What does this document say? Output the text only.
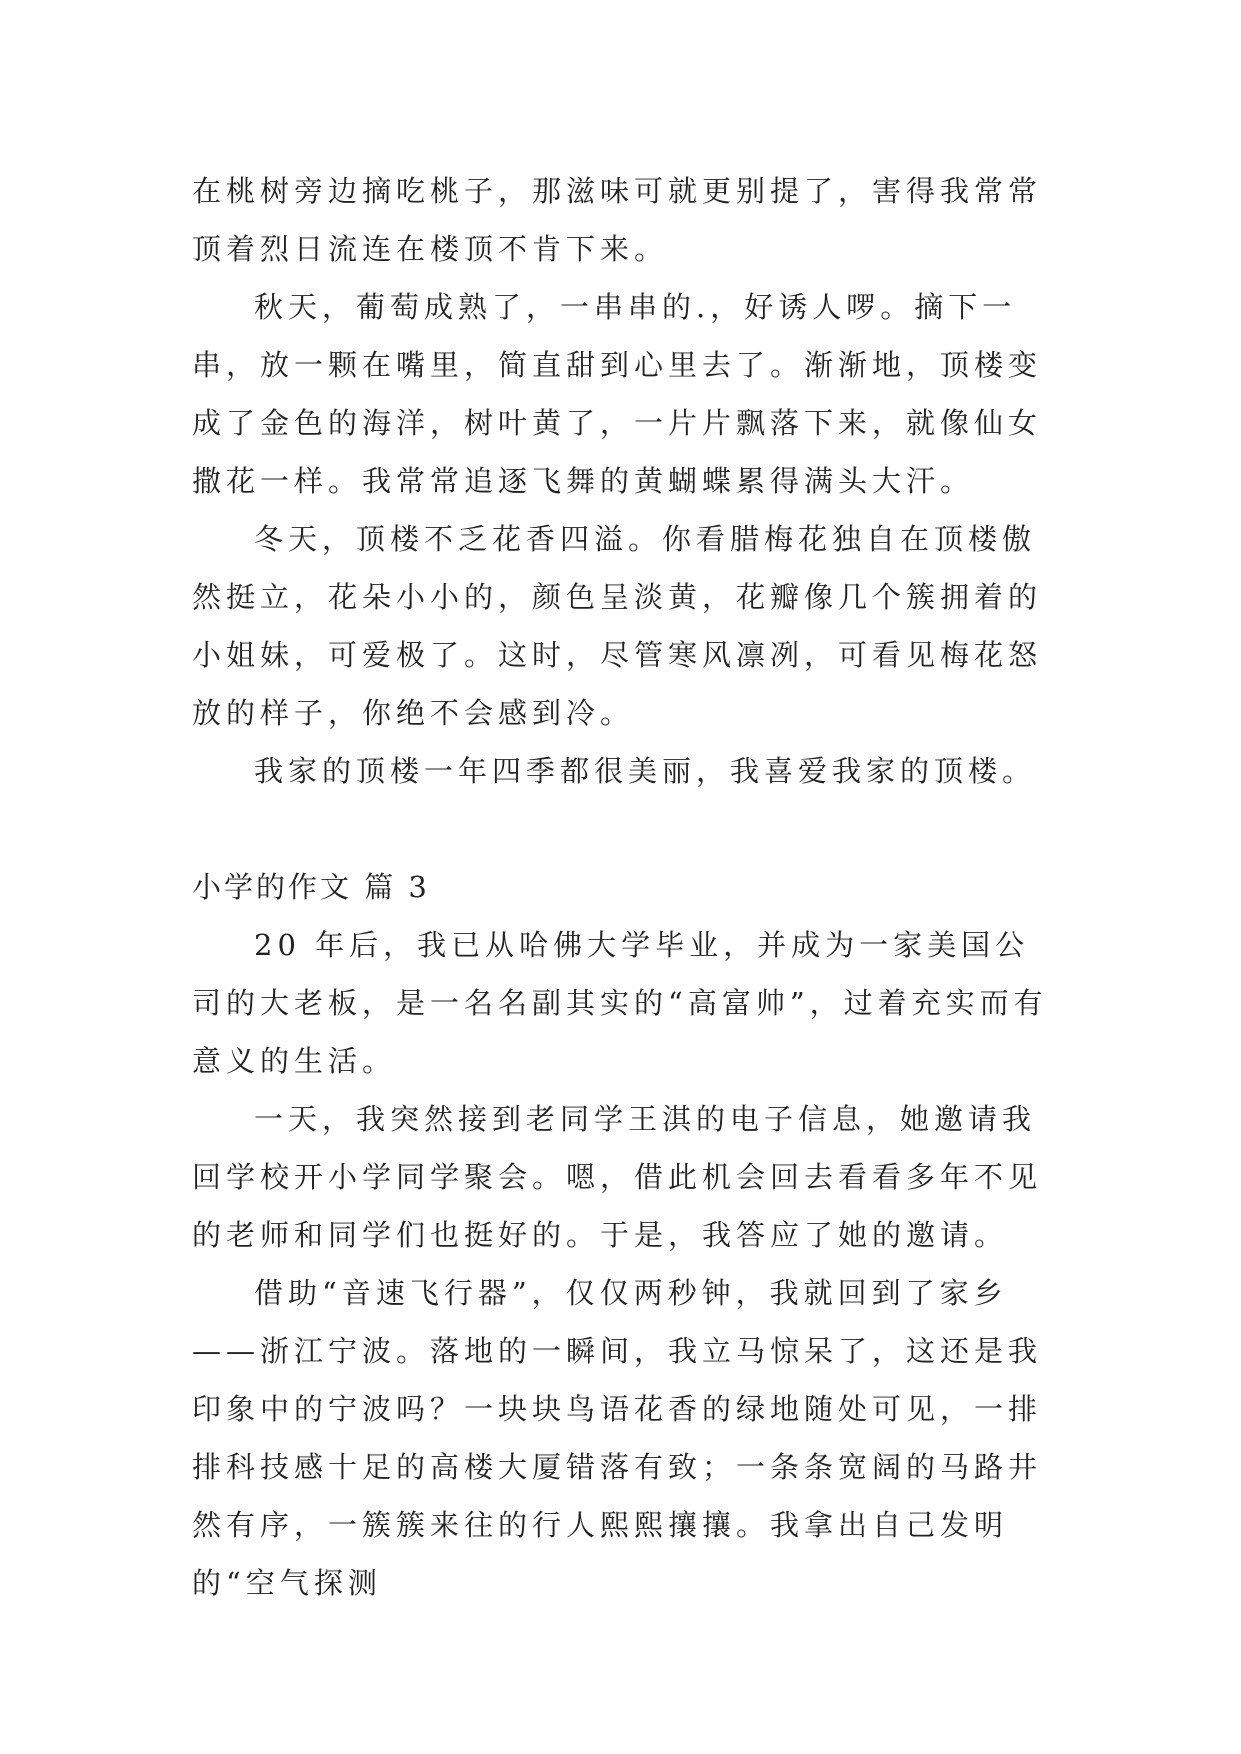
在桃树旁边摘吃桃子，那滋味可就更别提了，害得我常常顶着烈日流连在楼顶不肯下来。

秋天，葡萄成熟了，一串串的.，好诱人啰。摘下一串，放一颗在嘴里，简直甜到心里去了。渐渐地，顶楼变成了金色的海洋，树叶黄了，一片片飘落下来，就像仙女撒花一样。我常常追逐飞舞的黄蝴蝶累得满头大汗。

冬天，顶楼不乏花香四溢。你看腊梅花独自在顶楼傲然挺立，花朵小小的，颜色呈淡黄，花瓣像几个簇拥着的小姐妹，可爱极了。这时，尽管寒风凛冽，可看见梅花怒放的样子，你绝不会感到冷。

我家的顶楼一年四季都很美丽，我喜爱我家的顶楼。

小学的作文 篇 3

20 年后，我已从哈佛大学毕业，并成为一家美国公司的大老板，是一名名副其实的“高富帅”，过着充实而有意义的生活。

一天，我突然接到老同学王淇的电子信息，她邀请我回学校开小学同学聚会。嗯，借此机会回去看看多年不见的老师和同学们也挺好的。于是，我答应了她的邀请。

借助“音速飞行器”，仅仅两秒钟，我就回到了家乡——浙江宁波。落地的一瞬间，我立马惊呆了，这还是我印象中的宁波吗？一块块鸟语花香的绿地随处可见，一排排科技感十足的高楼大厦错落有致；一条条宽阔的马路井然有序，一簇簇来往的行人熙熙攘攘。我拿出自己发明的“空气探测
